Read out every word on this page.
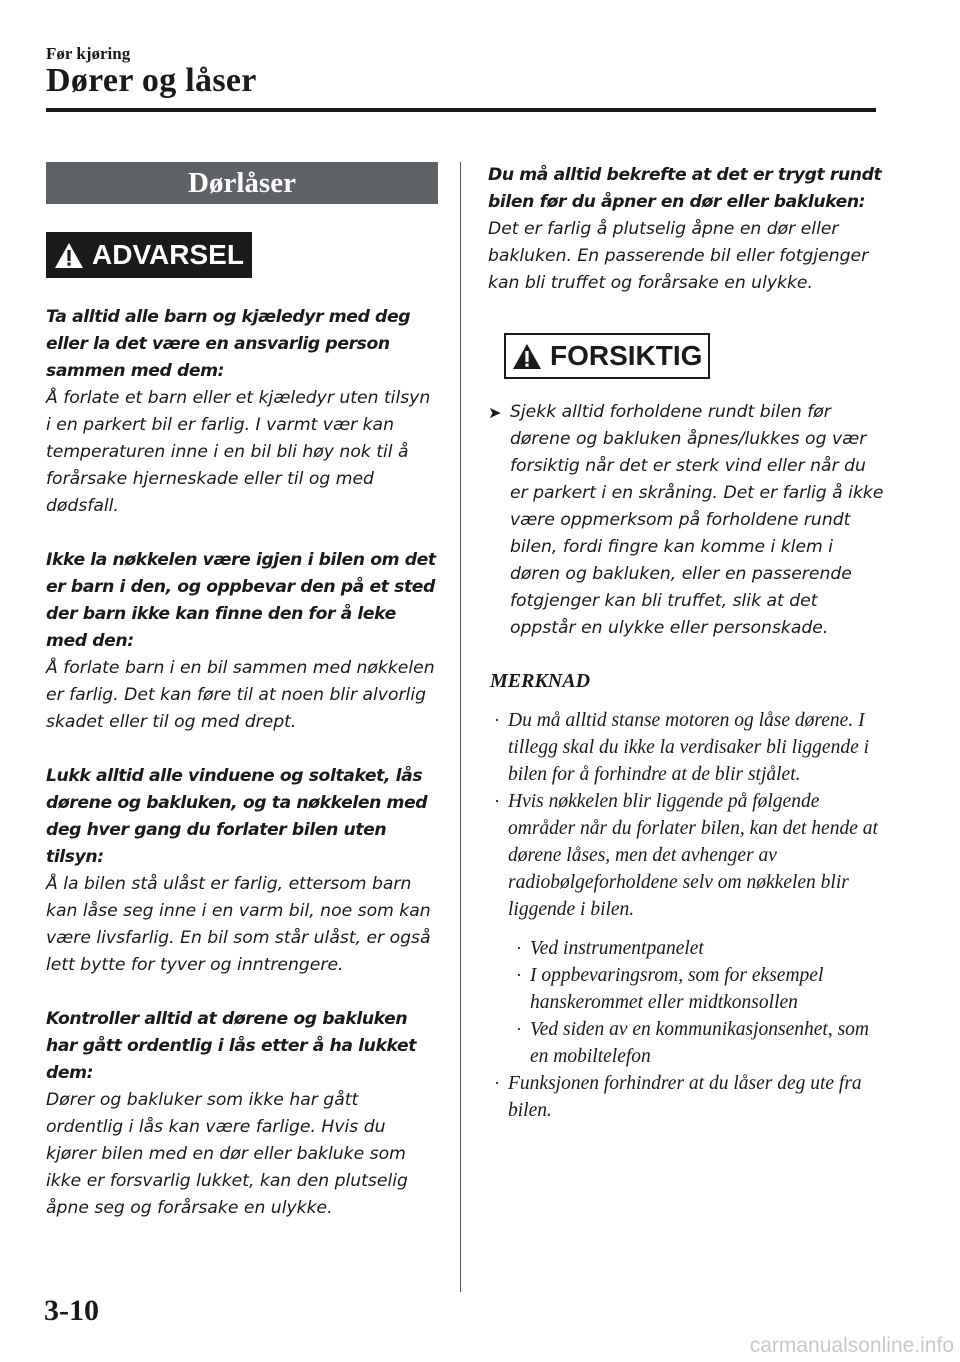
Før kjøring
Dører og låser
Dørlåser
ADVARSEL

Ta alltid alle barn og kjæledyr med deg eller la det være en ansvarlig person sammen med dem:

Å forlate et barn eller et kjæledyr uten tilsyn i en parkert bil er farlig. I varmt vær kan temperaturen inne i en bil bli høy nok til å forårsake hjerneskade eller til og med dødsfall.

Ikke la nøkkelen være igjen i bilen om det er barn i den, og oppbevar den på et sted der barn ikke kan finne den for å leke med den:

Å forlate barn i en bil sammen med nøkkelen er farlig. Det kan føre til at noen blir alvorlig skadet eller til og med drept.

Lukk alltid alle vinduene og soltaket, lås dørene og bakluken, og ta nøkkelen med deg hver gang du forlater bilen uten tilsyn:

Å la bilen stå ulåst er farlig, ettersom barn kan låse seg inne i en varm bil, noe som kan være livsfarlig. En bil som står ulåst, er også lett bytte for tyver og inntrengere.

Kontroller alltid at dørene og bakluken har gått ordentlig i lås etter å ha lukket dem:

Dører og bakluker som ikke har gått ordentlig i lås kan være farlige. Hvis du kjører bilen med en dør eller bakluke som ikke er forsvarlig lukket, kan den plutselig åpne seg og forårsake en ulykke.

Du må alltid bekrefte at det er trygt rundt bilen før du åpner en dør eller bakluken:

Det er farlig å plutselig åpne en dør eller bakluken. En passerende bil eller fotgjenger kan bli truffet og forårsake en ulykke.

FORSIKTIG
➤ Sjekk alltid forholdene rundt bilen før dørene og bakluken åpnes/lukkes og vær forsiktig når det er sterk vind eller når du er parkert i en skråning. Det er farlig å ikke være oppmerksom på forholdene rundt bilen, fordi fingre kan komme i klem i døren og bakluken, eller en passerende fotgjenger kan bli truffet, slik at det oppstår en ulykke eller personskade.

MERKNAD

· Du må alltid stanse motoren og låse dørene. I tillegg skal du ikke la verdisaker bli liggende i bilen for å forhindre at de blir stjålet.
· Hvis nøkkelen blir liggende på følgende områder når du forlater bilen, kan det hende at dørene låses, men det avhenger av radiobølgeforholdene selv om nøkkelen blir liggende i bilen.
· Ved instrumentpanelet
· I oppbevaringsrom, som for eksempel hanskerommet eller midtkonsollen
· Ved siden av en kommunikasjonsenhet, som en mobiltelefon
· Funksjonen forhindrer at du låser deg ute fra bilen.
3-10
carmanualsonline.info
